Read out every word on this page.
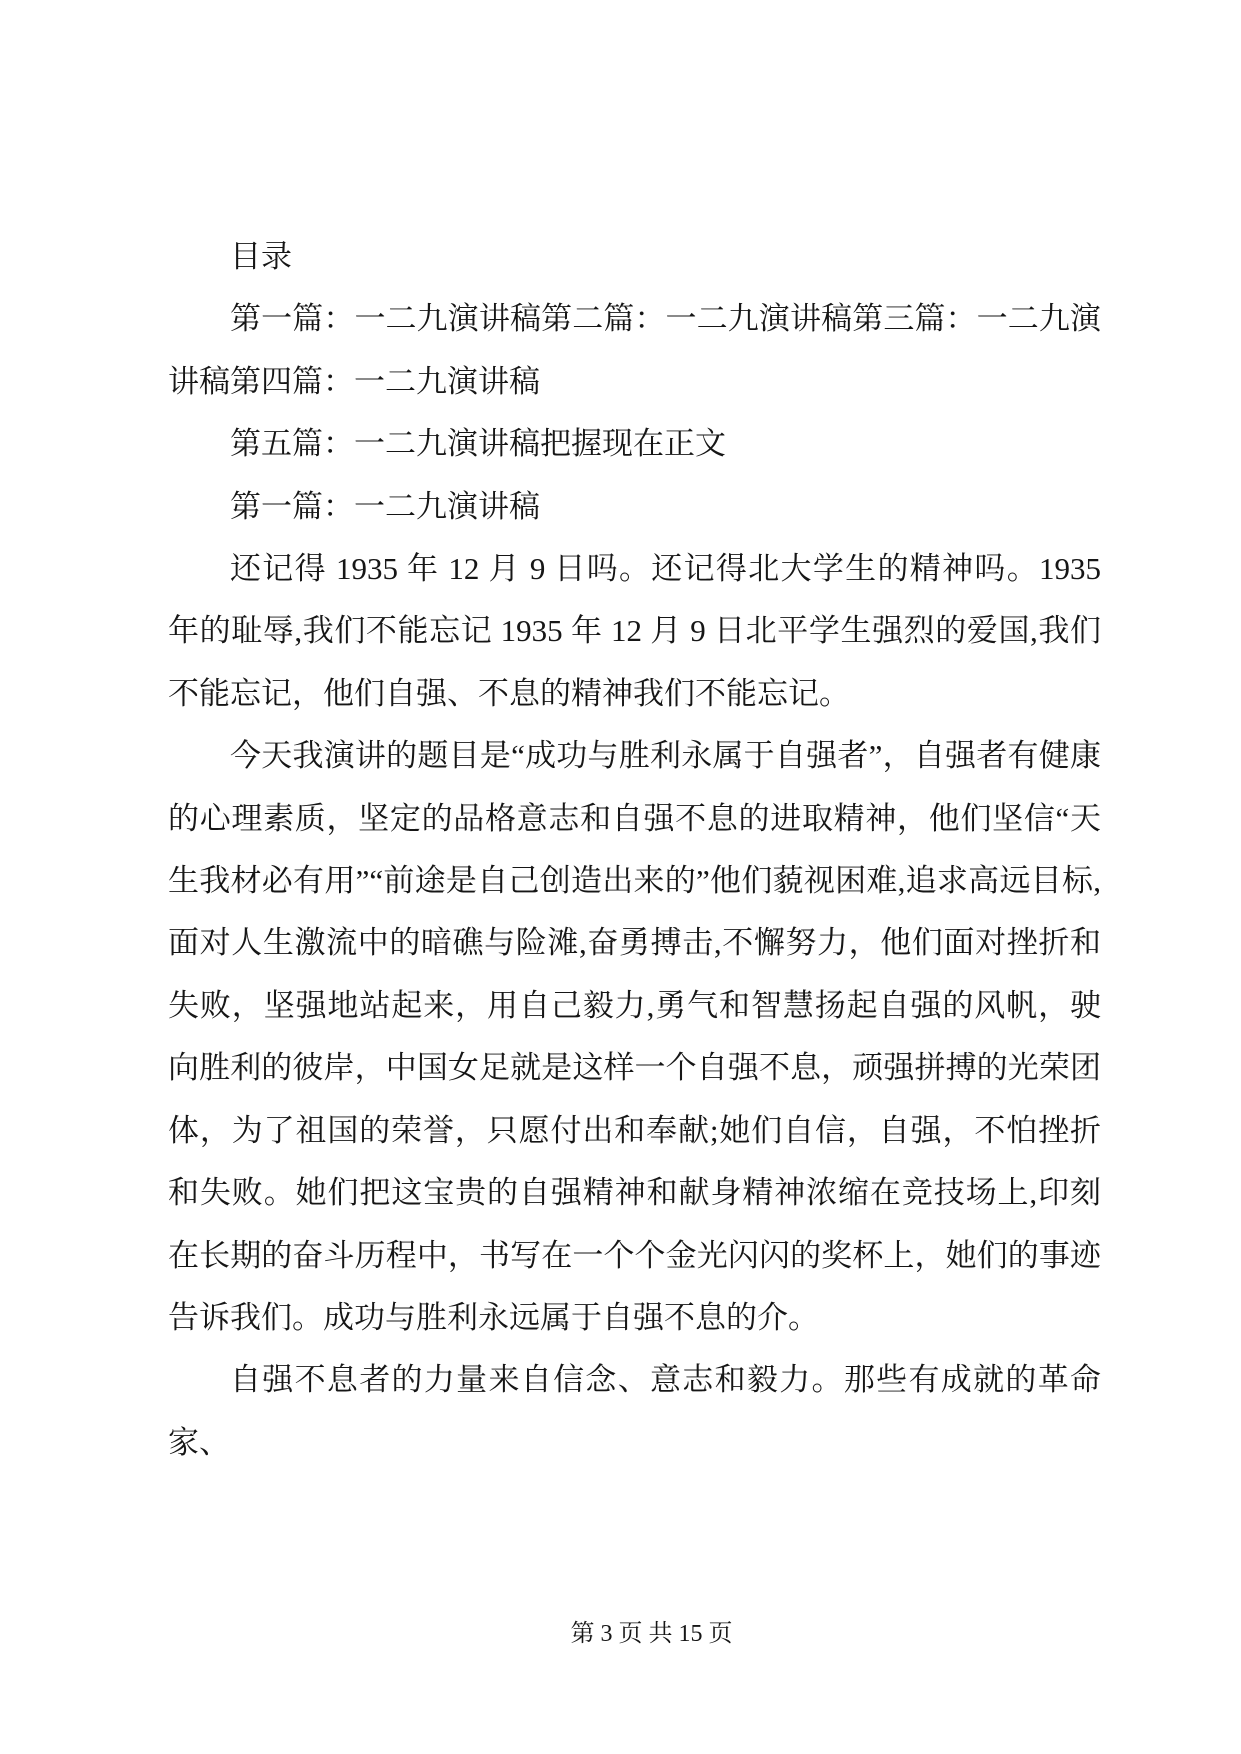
目录

第一篇：一二九演讲稿第二篇：一二九演讲稿第三篇：一二九演讲稿第四篇：一二九演讲稿

第五篇：一二九演讲稿把握现在正文

第一篇：一二九演讲稿

还记得 1935 年 12 月 9 日吗。还记得北大学生的精神吗。1935 年的耻辱,我们不能忘记 1935 年 12 月 9 日北平学生强烈的爱国,我们不能忘记，他们自强、不息的精神我们不能忘记。

今天我演讲的题目是“成功与胜利永属于自强者”，自强者有健康的心理素质，坚定的品格意志和自强不息的进取精神，他们坚信“天生我材必有用”“前途是自己创造出来的”他们藐视困难,追求高远目标,面对人生激流中的暗礁与险滩,奋勇搏击,不懈努力，他们面对挫折和失败，坚强地站起来，用自己毅力,勇气和智慧扬起自强的风帆，驶向胜利的彼岸，中国女足就是这样一个自强不息，顽强拼搏的光荣团体，为了祖国的荣誉，只愿付出和奉献;她们自信，自强，不怕挫折和失败。她们把这宝贵的自强精神和献身精神浓缩在竞技场上,印刻在长期的奋斗历程中，书写在一个个金光闪闪的奖杯上，她们的事迹告诉我们。成功与胜利永远属于自强不息的介。

自强不息者的力量来自信念、意志和毅力。那些有成就的革命家、

第 3 页 共 15 页
